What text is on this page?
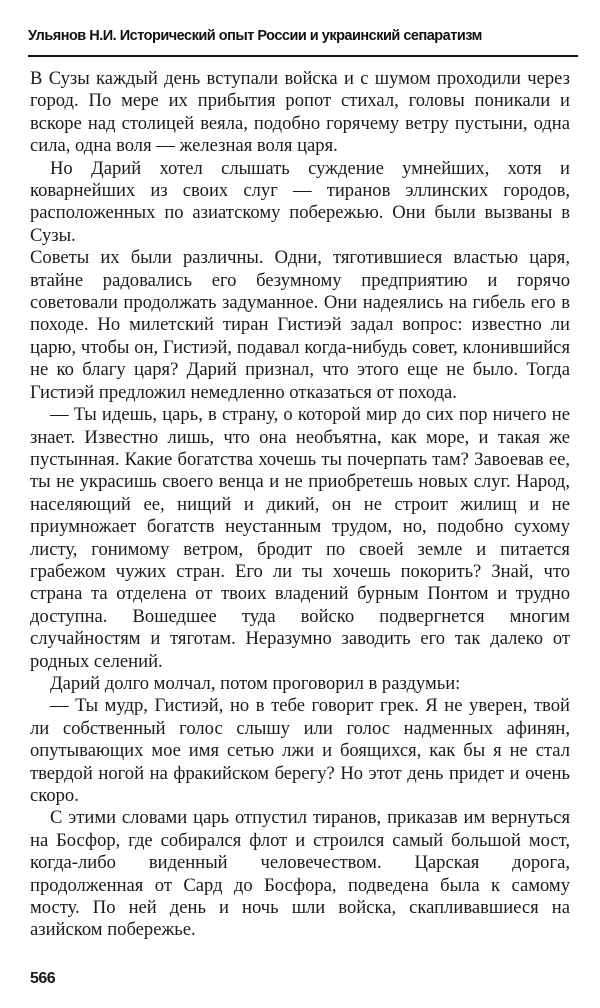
Ульянов Н.И. Исторический опыт России и украинский сепаратизм

В Сузы каждый день вступали войска и с шумом проходили через город. По мере их прибытия ропот стихал, головы поникали и вскоре над столицей веяла, подобно горячему ветру пустыни, одна сила, одна воля — железная воля царя.

Но Дарий хотел слышать суждение умнейших, хотя и коварнейших из своих слуг — тиранов эллинских городов, расположенных по азиатскому побережью. Они были вызваны в Сузы.

Советы их были различны. Одни, тяготившиеся властью царя, втайне радовались его безумному предприятию и горячо советовали продолжать задуманное. Они надеялись на гибель его в походе. Но милетский тиран Гистиэй задал вопрос: известно ли царю, чтобы он, Гистиэй, подавал когда-нибудь совет, клонившийся не ко благу царя? Дарий признал, что этого еще не было. Тогда Гистиэй предложил немедленно отказаться от похода.

— Ты идешь, царь, в страну, о которой мир до сих пор ничего не знает. Известно лишь, что она необъятна, как море, и такая же пустынная. Какие богатства хочешь ты почерпать там? Завоевав ее, ты не украсишь своего венца и не приобретешь новых слуг. Народ, населяющий ее, нищий и дикий, он не строит жилищ и не приумножает богатств неустанным трудом, но, подобно сухому листу, гонимому ветром, бродит по своей земле и питается грабежом чужих стран. Его ли ты хочешь покорить? Знай, что страна та отделена от твоих владений бурным Понтом и трудно доступна. Вошедшее туда войско подвергнется многим случайностям и тяготам. Неразумно заводить его так далеко от родных селений.

Дарий долго молчал, потом проговорил в раздумьи:

— Ты мудр, Гистиэй, но в тебе говорит грек. Я не уверен, твой ли собственный голос слышу или голос надменных афинян, опутывающих мое имя сетью лжи и боящихся, как бы я не стал твердой ногой на фракийском берегу? Но этот день придет и очень скоро.

С этими словами царь отпустил тиранов, приказав им вернуться на Босфор, где собирался флот и строился самый большой мост, когда-либо виденный человечеством. Царская дорога, продолженная от Сард до Босфора, подведена была к самому мосту. По ней день и ночь шли войска, скапливавшиеся на азийском побережье.

566
